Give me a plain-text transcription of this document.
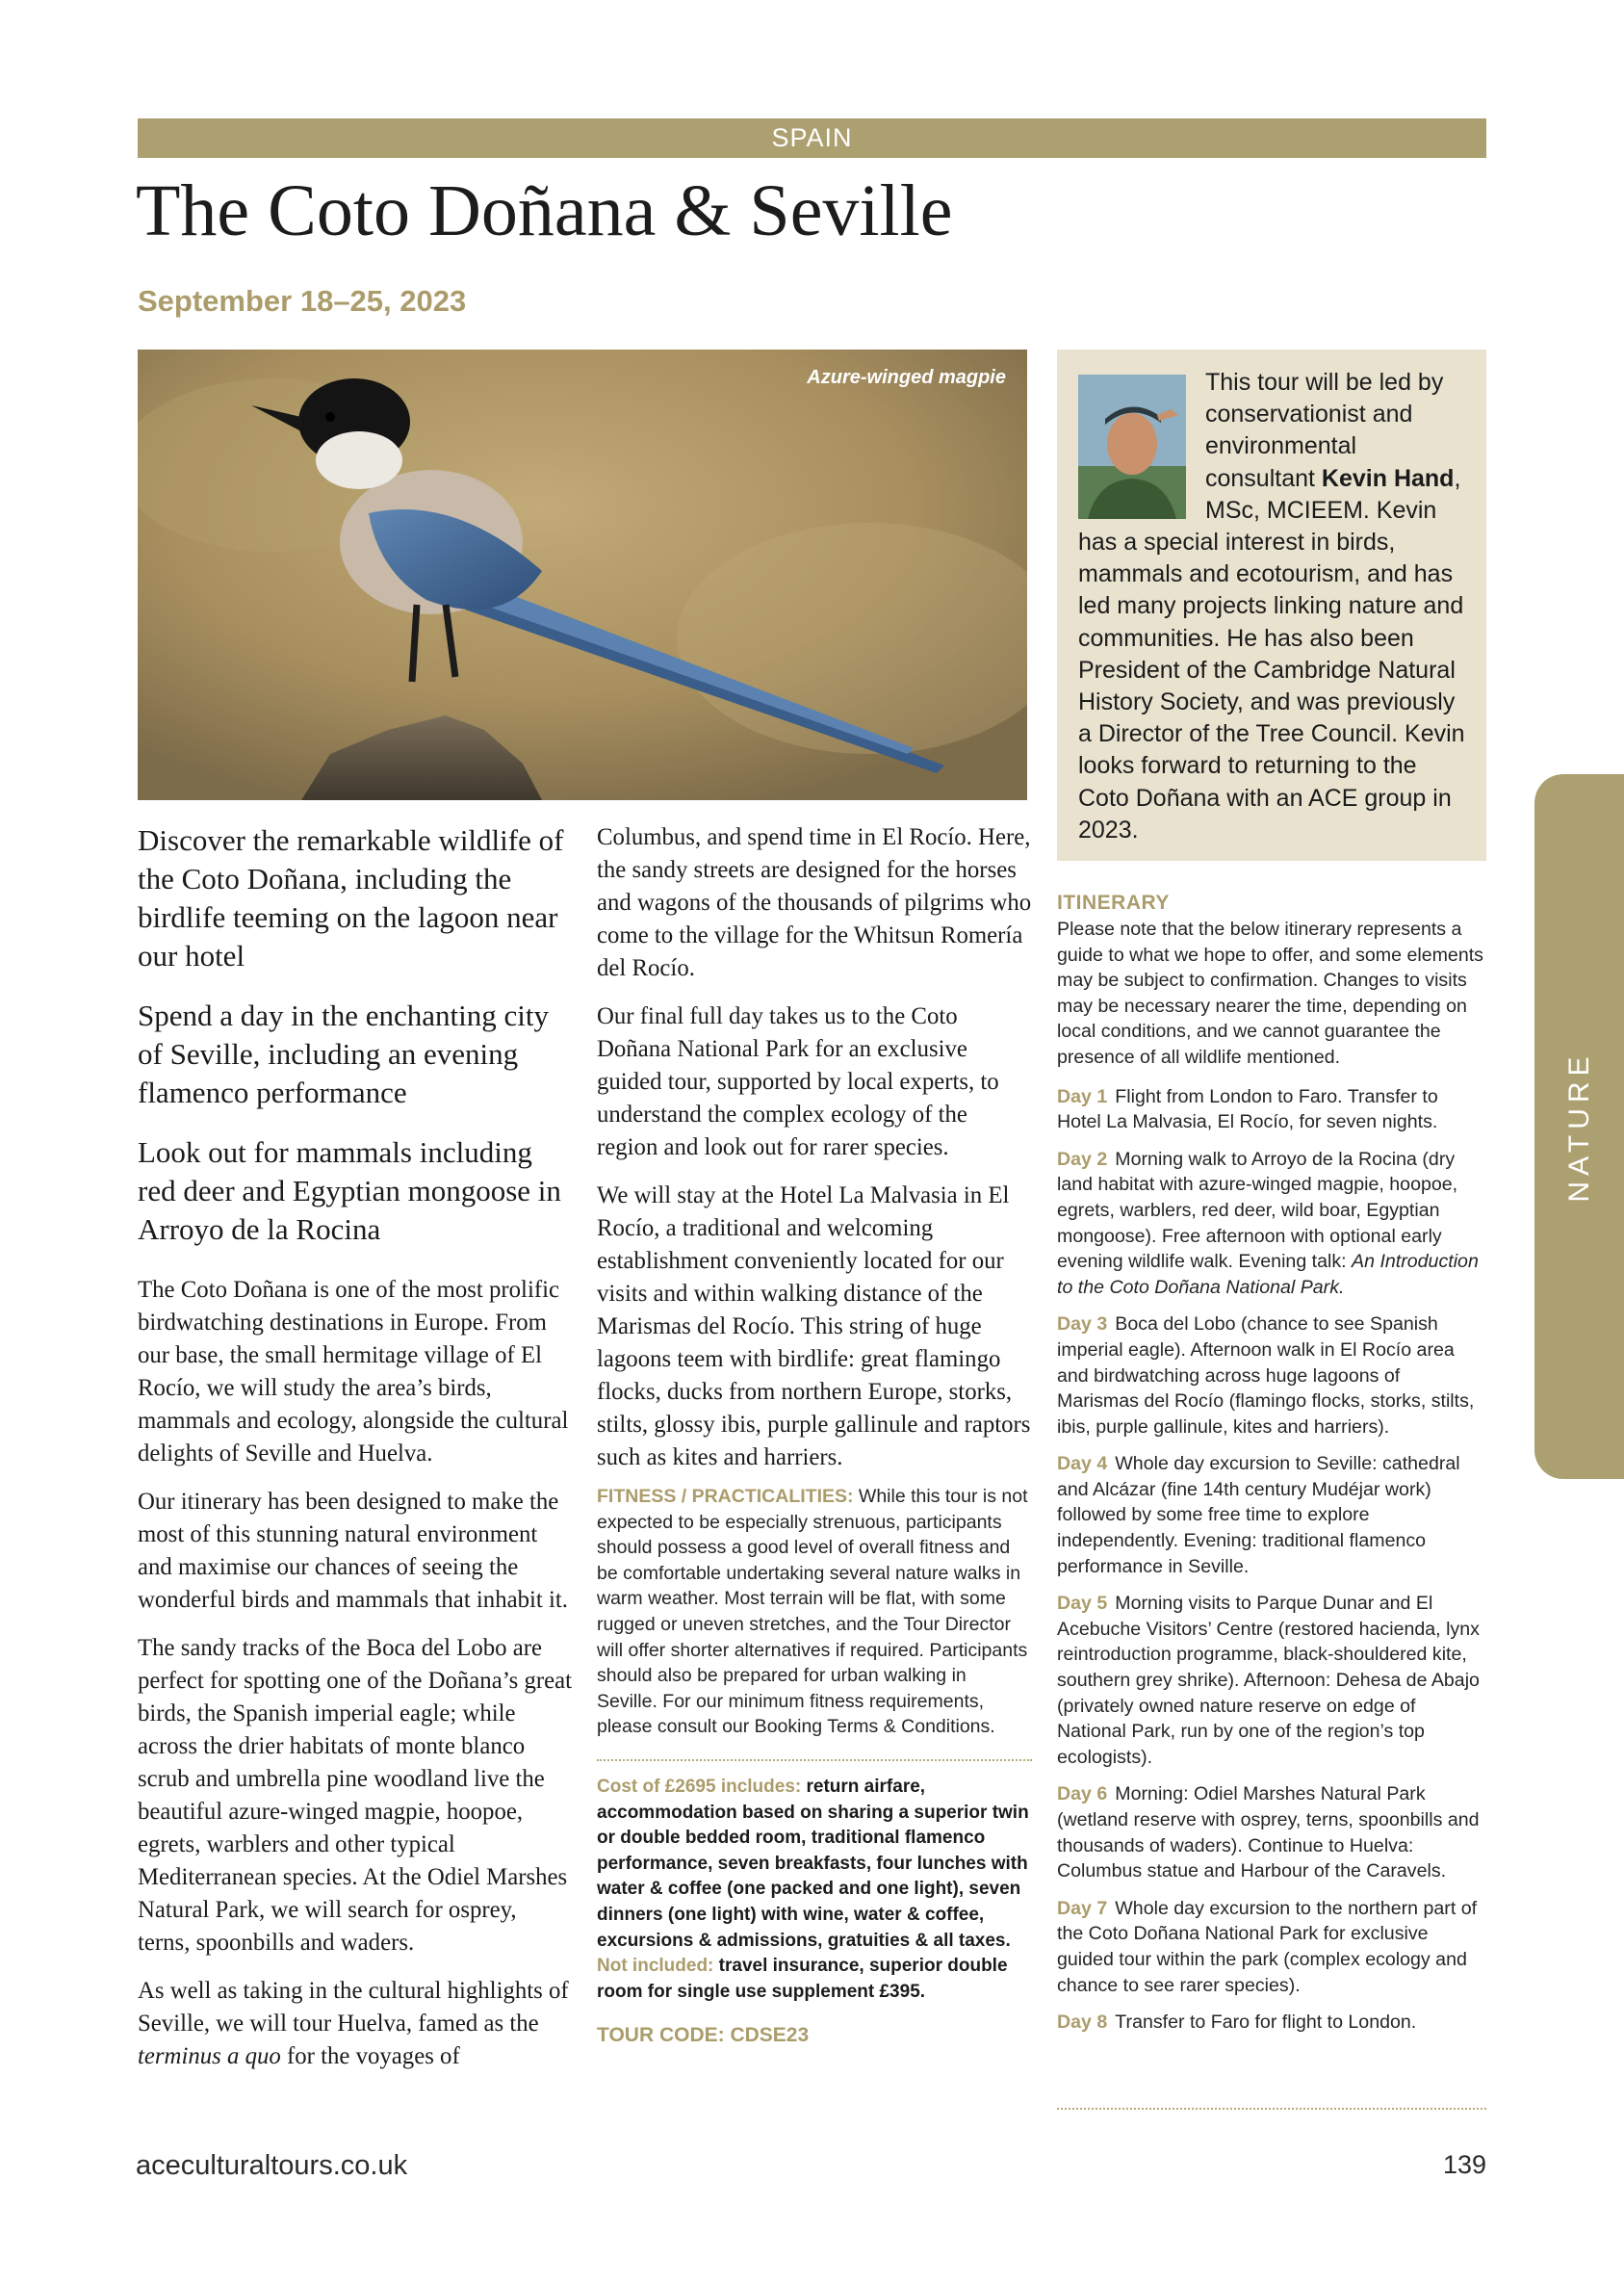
SPAIN
The Coto Doñana & Seville
September 18–25, 2023
Azure-winged magpie	This tour will be led by conservationist and environmental consultant Kevin Hand, MSc, MCIEEM. Kevin has a special interest in birds, mammals and ecotourism, and has led many projects linking nature and communities. He has also been President of the Cambridge Natural History Society, and was previously a Director of the Tree Council. Kevin looks forward to returning to the Coto Doñana with an ACE group in 2023.

Discover the remarkable wildlife of the Coto Doñana, including the birdlife teeming on the lagoon near our hotel

Spend a day in the enchanting city of Seville, including an evening flamenco performance

Look out for mammals including red deer and Egyptian mongoose in Arroyo de la Rocina

The Coto Doñana is one of the most prolific birdwatching destinations in Europe. From our base, the small hermitage village of El Rocío, we will study the area’s birds, mammals and ecology, alongside the cultural delights of Seville and Huelva.

Our itinerary has been designed to make the most of this stunning natural environment and maximise our chances of seeing the wonderful birds and mammals that inhabit it.

The sandy tracks of the Boca del Lobo are perfect for spotting one of the Doñana’s great birds, the Spanish imperial eagle; while across the drier habitats of monte blanco scrub and umbrella pine woodland live the beautiful azure-winged magpie, hoopoe, egrets, warblers and other typical Mediterranean species. At the Odiel Marshes Natural Park, we will search for osprey, terns, spoonbills and waders.

As well as taking in the cultural highlights of Seville, we will tour Huelva, famed as the terminus a quo for the voyages of

Columbus, and spend time in El Rocío. Here, the sandy streets are designed for the horses and wagons of the thousands of pilgrims who come to the village for the Whitsun Romería del Rocío.

Our final full day takes us to the Coto Doñana National Park for an exclusive guided tour, supported by local experts, to understand the complex ecology of the region and look out for rarer species.

We will stay at the Hotel La Malvasia in El Rocío, a traditional and welcoming establishment conveniently located for our visits and within walking distance of the Marismas del Rocío. This string of huge lagoons teem with birdlife: great flamingo flocks, ducks from northern Europe, storks, stilts, glossy ibis, purple gallinule and raptors such as kites and harriers.

FITNESS / PRACTICALITIES: While this tour is not expected to be especially strenuous, participants should possess a good level of overall fitness and be comfortable undertaking several nature walks in warm weather. Most terrain will be flat, with some rugged or uneven stretches, and the Tour Director will offer shorter alternatives if required. Participants should also be prepared for urban walking in Seville. For our minimum fitness requirements, please consult our Booking Terms & Conditions.

Cost of £2695 includes: return airfare, accommodation based on sharing a superior twin or double bedded room, traditional flamenco performance, seven breakfasts, four lunches with water & coffee (one packed and one light), seven dinners (one light) with wine, water & coffee, excursions & admissions, gratuities & all taxes.
Not included: travel insurance, superior double room for single use supplement £395.

TOUR CODE: CDSE23
ITINERARY

Please note that the below itinerary represents a guide to what we hope to offer, and some elements may be subject to confirmation. Changes to visits may be necessary nearer the time, depending on local conditions, and we cannot guarantee the presence of all wildlife mentioned.

Day 1 Flight from London to Faro. Transfer to Hotel La Malvasia, El Rocío, for seven nights.

Day 2 Morning walk to Arroyo de la Rocina (dry land habitat with azure-winged magpie, hoopoe, egrets, warblers, red deer, wild boar, Egyptian mongoose). Free afternoon with optional early evening wildlife walk. Evening talk: An Introduction to the Coto Doñana National Park.

Day 3 Boca del Lobo (chance to see Spanish imperial eagle). Afternoon walk in El Rocío area and birdwatching across huge lagoons of Marismas del Rocío (flamingo flocks, storks, stilts, ibis, purple gallinule, kites and harriers).

Day 4 Whole day excursion to Seville: cathedral and Alcázar (fine 14th century Mudéjar work) followed by some free time to explore independently. Evening: traditional flamenco performance in Seville.

Day 5 Morning visits to Parque Dunar and El Acebuche Visitors’ Centre (restored hacienda, lynx reintroduction programme, black-shouldered kite, southern grey shrike). Afternoon: Dehesa de Abajo (privately owned nature reserve on edge of National Park, run by one of the region’s top ecologists).

Day 6 Morning: Odiel Marshes Natural Park (wetland reserve with osprey, terns, spoonbills and thousands of waders). Continue to Huelva: Columbus statue and Harbour of the Caravels.

Day 7 Whole day excursion to the northern part of the Coto Doñana National Park for exclusive guided tour within the park (complex ecology and chance to see rarer species).

Day 8 Transfer to Faro for flight to London.

NATURE
aceculturaltours.co.uk	139
